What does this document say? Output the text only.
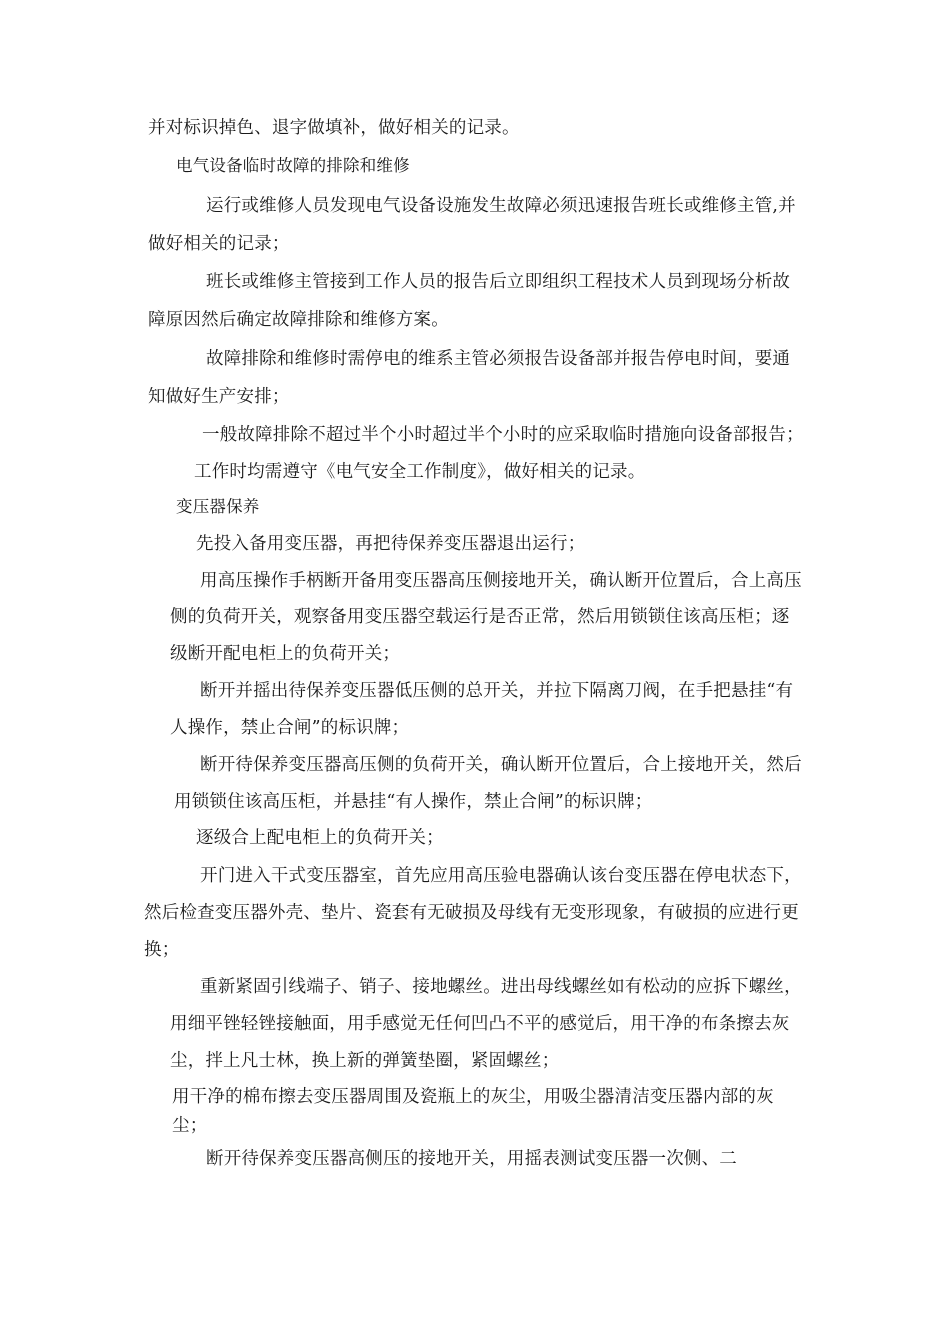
并对标识掉色、退字做填补，做好相关的记录。
电气设备临时故障的排除和维修
运行或维修人员发现电气设备设施发生故障必须迅速报告班长或维修主管,并
做好相关的记录；
班长或维修主管接到工作人员的报告后立即组织工程技术人员到现场分析故
障原因然后确定故障排除和维修方案。
故障排除和维修时需停电的维系主管必须报告设备部并报告停电时间，要通
知做好生产安排；
一般故障排除不超过半个小时超过半个小时的应采取临时措施向设备部报告；
工作时均需遵守《电气安全工作制度》，做好相关的记录。
变压器保养
先投入备用变压器，再把待保养变压器退出运行；
用高压操作手柄断开备用变压器高压侧接地开关，确认断开位置后，合上高压
侧的负荷开关，观察备用变压器空载运行是否正常，然后用锁锁住该高压柜；逐
级断开配电柜上的负荷开关；
断开并摇出待保养变压器低压侧的总开关，并拉下隔离刀阀，在手把悬挂“有
人操作，禁止合闸”的标识牌；
断开待保养变压器高压侧的负荷开关，确认断开位置后，合上接地开关，然后
用锁锁住该高压柜，并悬挂“有人操作，禁止合闸”的标识牌；
逐级合上配电柜上的负荷开关；
开门进入干式变压器室，首先应用高压验电器确认该台变压器在停电状态下，
然后检查变压器外壳、垫片、瓷套有无破损及母线有无变形现象，有破损的应进行更
换；
重新紧固引线端子、销子、接地螺丝。进出母线螺丝如有松动的应拆下螺丝，
用细平锉轻锉接触面，用手感觉无任何凹凸不平的感觉后，用干净的布条擦去灰
尘，拌上凡士林，换上新的弹簧垫圈，紧固螺丝；
用干净的棉布擦去变压器周围及瓷瓶上的灰尘，用吸尘器清洁变压器内部的灰
尘；
断开待保养变压器高侧压的接地开关，用摇表测试变压器一次侧、二
